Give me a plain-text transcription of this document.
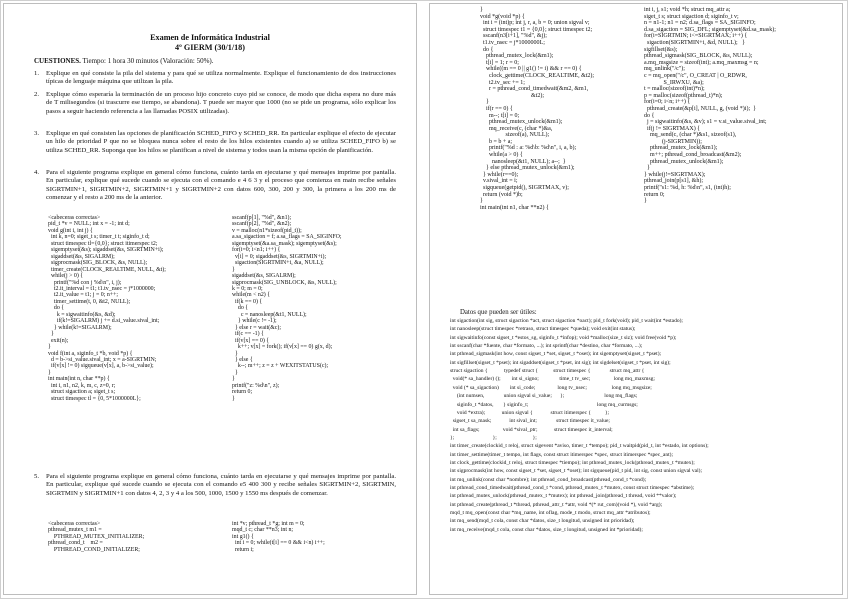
Examen de Informática Industrial
4º GIERM (30/1/18)
CUESTIONES. Tiempo: 1 hora 30 minutos (Valoración: 50%).
1. Explique en qué consiste la pila del sistema y para qué se utiliza normalmente. Explique el funcionamiento de dos instrucciones típicas de lenguaje máquina que utilizan la pila.
2. Explique cómo esperaría la terminación de un proceso hijo concreto cuyo pid se conoce, de modo que dicha espera no dure más de T milisegundos (si trascurre ese tiempo, se abandona). T puede ser mayor que 1000 (no se pide un programa, sólo explicar los pasos a seguir haciendo referencia a las llamadas POSIX utilizadas).
3. Explique en qué consisten las opciones de planificación SCHED_FIFO y SCHED_RR. En particular explique el efecto de ejecutar un hilo de prioridad P que no se bloquea nunca sobre el resto de los hilos existentes cuando a) se utiliza SCHED_FIFO b) se utiliza SCHED_RR. Suponga que los hilos se planifican a nivel de sistema y todos usan la misma opción de planificación.
4. Para el siguiente programa explique en general cómo funciona, cuánto tarda en ejecutarse y qué mensajes imprime por pantalla. En particular, explique qué sucede cuando se ejecuta con el comando e 4 6 3 y el proceso que comienza en main recibe señales SIGRTMIN+1, SIGRTMIN+2, SIGRTMIN+1 y SIGRTMIN+2 con datos 600, 300, 200 y 300, la primera a los 200 ms de comenzar y el resto a 200 ms de la anterior.
<cabeceras correctas>
pid_t *v = NULL; int x = -1; int d;
void g(int i, int j) {
int k, n=0; siget_t s; timer_t t; siginfo_t d;
struct timespec tl={0,0}; struct itimerspec t2;
sigemptyset(&s); sigaddset(&s, SIGRTMIN+i);
sigaddset(&s, SIGALRM);
sigprocmask(SIG_BLOCK, &s, NULL);
timer_create(CLOCK_REALTIME, NULL, &t);
while(j > 0) {
printf("%d con j %d\n", i, j);
t2.it_interval = t1; t1.tv_nsec = j*1000000;
t2.it_value = t1; j = 0; n++;
timer_settime(t, 0, &t2, NULL);
do {
k = sigwaitinfo(&s, &d);
if(k!=SIGALRM) j += d.si_value.sival_int;
} while(k!=SIGALRM);
}
exit(n);
}
void f(int a, siginfo_t *b, void *p) {
d = b->si_value.sival_int; x = a-SIGRTMIN;
if(v[x] != 0) sigqueue(v[x], a, b->si_value);
}
int main(int n, char **p) {
int i, n1, n2, k, m, c, z=0, r;
struct sigaction a; siget_t s;
struct timespec tl = {0, 5*1000000L};
sscanf(p[1], "%d", &n1);
sscanf(p[2], "%d", &n2);
v = malloc(n1*sizeof(pid_t));
a.sa_sigaction = f; a.sa_flags = SA_SIGINFO;
sigemptyset(&a.sa_mask); sigemptyset(&s);
for(i=0; i<n1; i++) {
v[i] = 0; sigaddset(&s, SIGRTMIN+i);
sigaction(SIGRTMIN+i, &a, NULL);
}
sigaddset(&s, SIGALRM);
sigprocmask(SIG_UNBLOCK, &s, NULL);
k = 0; m = 0;
while(m < n2) {
if(k == 0) {
do {
c = nanosleep(&t1, NULL);
} while(c != -1);
} else r = wait(&c);
if(c == -1) {
if(v[x] == 0) {
k++; v[x] = fork(); if(v[x] == 0) g(x, d);
}
} else {
k--; m++; z = z + WEXITSTATUS(c);
}
}
printf("z: %d\n", z);
return 0;
}
5. Para el siguiente programa explique en general cómo funciona, cuánto tarda en ejecutarse y qué mensajes imprime por pantalla. En particular, explique qué sucede cuando se ejecuta con el comando e5 400 300 y recibe señales SIGRTMIN+2, SIGRTMIN, SIGRTMIN y SIGRTMIN+1 con datos 4, 2, 3 y 4 a los 500, 1000, 1500 y 1550 ms después de comenzar.
<cabeceras correctas>
pthread_mutex_t m1 =
PTHREAD_MUTEX_INITIALIZER;
pthread_cond_t    m2 =
PTHREAD_COND_INITIALIZER;
int *v; pthread_t *g; int m = 0;
mqd_t c; char **n3; int n;
int g1() {
int i = 0; while(t[i] == 0 && i<n) i++;
return i;
}
void *g(void *p) {
int i = (int)p; int j, r, a, b = 0; union sigval v;
struct timespec t1 = {0,0}; struct timespec t2;
sscanf(n3[i+1], "%d", &j);
t1.tv_nsec = j*1000000L;
do {
pthread_mutex_lock(&m1);
t[i] = 1; r = 0;
while((m == 0 || g1() != i) && r == 0) {
clock_gettime(CLOCK_REALTIME, &t2);
t2.tv_sec += 1;
r = pthread_cond_timedwait(&m2, &m1,
&t2);
}
if(r == 0) {
m--; t[i] = 0;
pthread_mutex_unlock(&m1);
mq_receive(c, (char *)&a,
sizeof(a), NULL);
b = b + a;
printf("%d : a: %d\b: %d\n", i, a, b);
while(a > 0) {
nanosleep(&t1, NULL); a--;  }
} else pthread_mutex_unlock(&m1);
} while(r==0);
v.sival_int = i;
sigqueue(getpid(), SIGRTMAX, v);
return (void *)b;
}
int main(int n1, char **n2) {
int i, j, s1; void *h; struct mq_attr a;
siget_t s; struct sigaction d; siginfo_t v;
n = n1-1; n1 = n2; d.sa_flags = SA_SIGINFO;
d.sa_sigaction = SIG_DFL; sigemptyset(&d.sa_mask);
for(i=SIGRTMIN; i<=SIGRTMAX; i++) {
sigaction(SIGRTMIN+i, &d, NULL);   }
sigfillset(&s);
pthread_sigmask(SIG_BLOCK, &s, NULL);
a.mq_msgsize = sizeof(int); a.mq_maxmsg = n;
mq_unlink("/c");
c = mq_open("/c", O_CREAT | O_RDWR,
S_IRWXU, &a);
t = malloc(sizeof(int)*n);
p = malloc(sizeof(pthread_t)*n);
for(i=0; i<n; i++) {
pthread_create(&p[i], NULL, g, (void *)i);  }
do {
j = sigwaitinfo(&s, &v); s1 = v.si_value.sival_int;
if(j != SIGRTMAX) {
mq_send(c, (char *)&s1, sizeof(s1),
(j-SIGRTMIN));
pthread_mutex_lock(&m1);
m++; pthread_cond_broadcast(&m2);
pthread_mutex_unlock(&m1);
}
} while(j!=SIGRTMAX);
pthread_join(p[s1], &h);
printf("s1: %d, h: %d\n", s1, (int)h);
return 0;
}
Datos que pueden ser útiles:
int sigaction(int sig, struct sigaction *act, struct sigaction *oact); pid_t fork(void); pid_t wait(int *estado);
int nanosleep(struct timespec *retraso, struct timespec *queda); void exit(int status);
int sigwaitinfo(const sigset_t *estos_sg, siginfo_t *infop); void *malloc(size_t siz); void free(void *p);
int sscanf(char *fuente, char *formato, ...); int sprintf(char *destino, char *formato, ...);
int pthread_sigmask(int how, const sigset_t *set, sigset_t *oset); int sigemptyset(sigset_t *pset);
int sigfillset(sigset_t *pset); int sigaddset(sigset_t *pset, int sig); int sigdelset(sigset_t *pset, int sig);
struct sigaction {            typedef struct {           struct timespec {              struct mq_attr {
void(* sa_handler) ();        int si_signo;               time_t tv_sec;                 long mq_maxmsg;
void (* sa_sigaction)        int si_code;                long tv_nsec;                  long mq_msgsize;
(int numsen,              union sigval si_value;      };                             long mq_flags;
siginfo_t *datos,       } siginfo_t;                                                  long mq_curmsgs;
void *extra);            union sigval {             struct itimerspec {          };
sigset_t sa_mask;             int sival_int;              struct timespec it_value;
int sa_flags;                 void *sival_ptr;            struct timespec it_interval;
};                            };                          };
int timer_create(clockid_t reloj, struct sigevent *aviso, timer_t *tempo); pid_t waitpid(pid_t, int *estado, int options);
int timer_settime(timer_t tempo, int flags, const struct itimerspec *spec, struct itimerspec *spec_ant);
int clock_gettime(clockid_t reloj, struct timespec *tiempo); int pthread_mutex_lock(pthread_mutex_t *mutex);
int sigprocmask(int how, const sigset_t *set, sigset_t *oset); int sigqueue(pid_t pid, int sig, const union sigval val);
int mq_unlink(const char *nombre); int pthread_cond_broadcast(pthread_cond_t *cond);
int pthread_cond_timedwait(pthread_cond_t *cond, pthread_mutex_t *mutex, const struct timespec *abstime);
int pthread_mutex_unlock(pthread_mutex_t *mutex); int pthread_join(pthread_t thread, void **valor);
int pthread_create(pthread_t *thread, pthread_attr_t *attr, void *(* rut_com)(void *), void *arg);
mqd_t mq_open(const char *mq_name, int oflag, mode_t modo, struct mq_attr *atributos);
int mq_send(mqd_t cola, const char *datos, size_t longitud, unsigned int prioridad);
int mq_receive(mqd_t cola, const char *datos, size_t longitud, unsigned int *prioridad);
